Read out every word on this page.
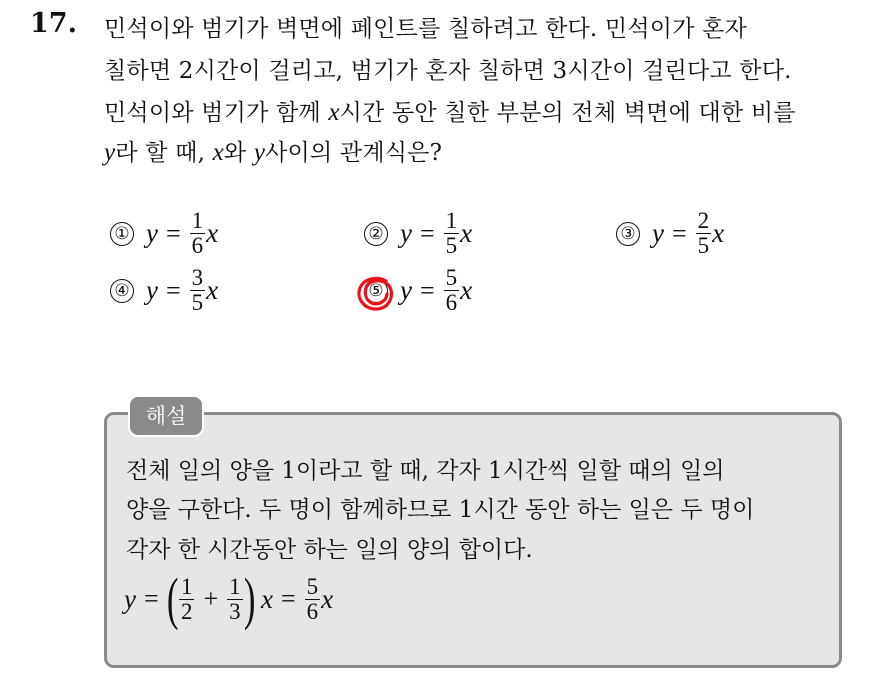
17. 민석이와 범기가 벽면에 페인트를 칠하려고 한다. 민석이가 혼자
칠하면 2시간이 걸리고, 범기가 혼자 칠하면 3시간이 걸린다고 한다.
민석이와 범기가 함께 x시간 동안 칠한 부분의 전체 벽면에 대한 비를
y라 할 때, x와 y사이의 관계식은?
① $y = \frac{1}{6}$ x	② $y = \frac{1}{5}$ x	③ $y = \frac{2}{5}$ x
④ $y = \frac{3}{5}$ x	⑤ $y = \frac{5}{6}$ x
해설
전체 일의 양을 1이라고 할 때, 각자 1시간씩 일할 때의 일의
양을 구한다. 두 명이 함께하므로 1시간 동안 하는 일은 두 명이
각자 한 시간동안 하는 일의 양의 합이다.
y = ( $\frac{1}{2} + \frac{1}{3}$ ) $x = \frac{5}{6}$ x
